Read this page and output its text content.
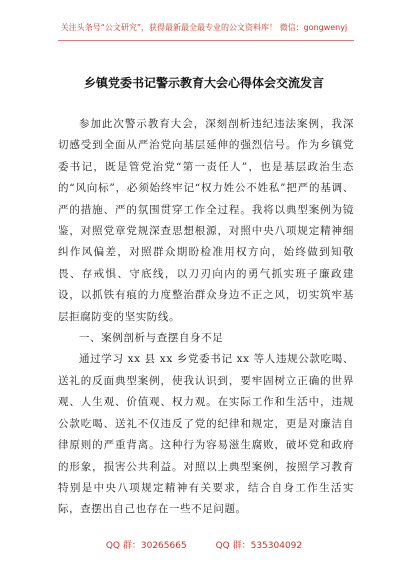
关注头条号“公文研究”，获得最新最全最专业的公文资料库！ 微信：gongwenyj
乡镇党委书记警示教育大会心得体会交流发言

参加此次警示教育大会，深刻剖析违纪违法案例，我深切感受到全面从严治党向基层延伸的强烈信号。作为乡镇党委书记，既是管党治党“第一责任人”，也是基层政治生态的“风向标”，必须始终牢记“权力姓公不姓私”把严的基调、严的措施、严的氛围贯穿工作全过程。我将以典型案例为镜鉴，对照党章党规深查思想根源，对照中央八项规定精神细纠作风偏差，对照群众期盼检准用权方向，始终做到知敬畏、存戒惧、守底线，以刀刃向内的勇气抓实班子廉政建设，以抓铁有痕的力度整治群众身边不正之风，切实筑牢基层拒腐防变的坚实防线。

一、案例剖析与查摆自身不足

通过学习 xx 县 xx 乡党委书记 xx 等人违规公款吃喝、送礼的反面典型案例，使我认识到，要牢固树立正确的世界观、人生观、价值观、权力观。在实际工作和生活中，违规公款吃喝、送礼不仅违反了党的纪律和规定，更是对廉洁自律原则的严重背离。这种行为容易滋生腐败，破坏党和政府的形象，损害公共利益。对照以上典型案例，按照学习教育特别是中央八项规定精神有关要求，结合自身工作生活实际，查摆出自己也存在一些不足问题。

QQ 群：30265665	QQ 群：535304092
